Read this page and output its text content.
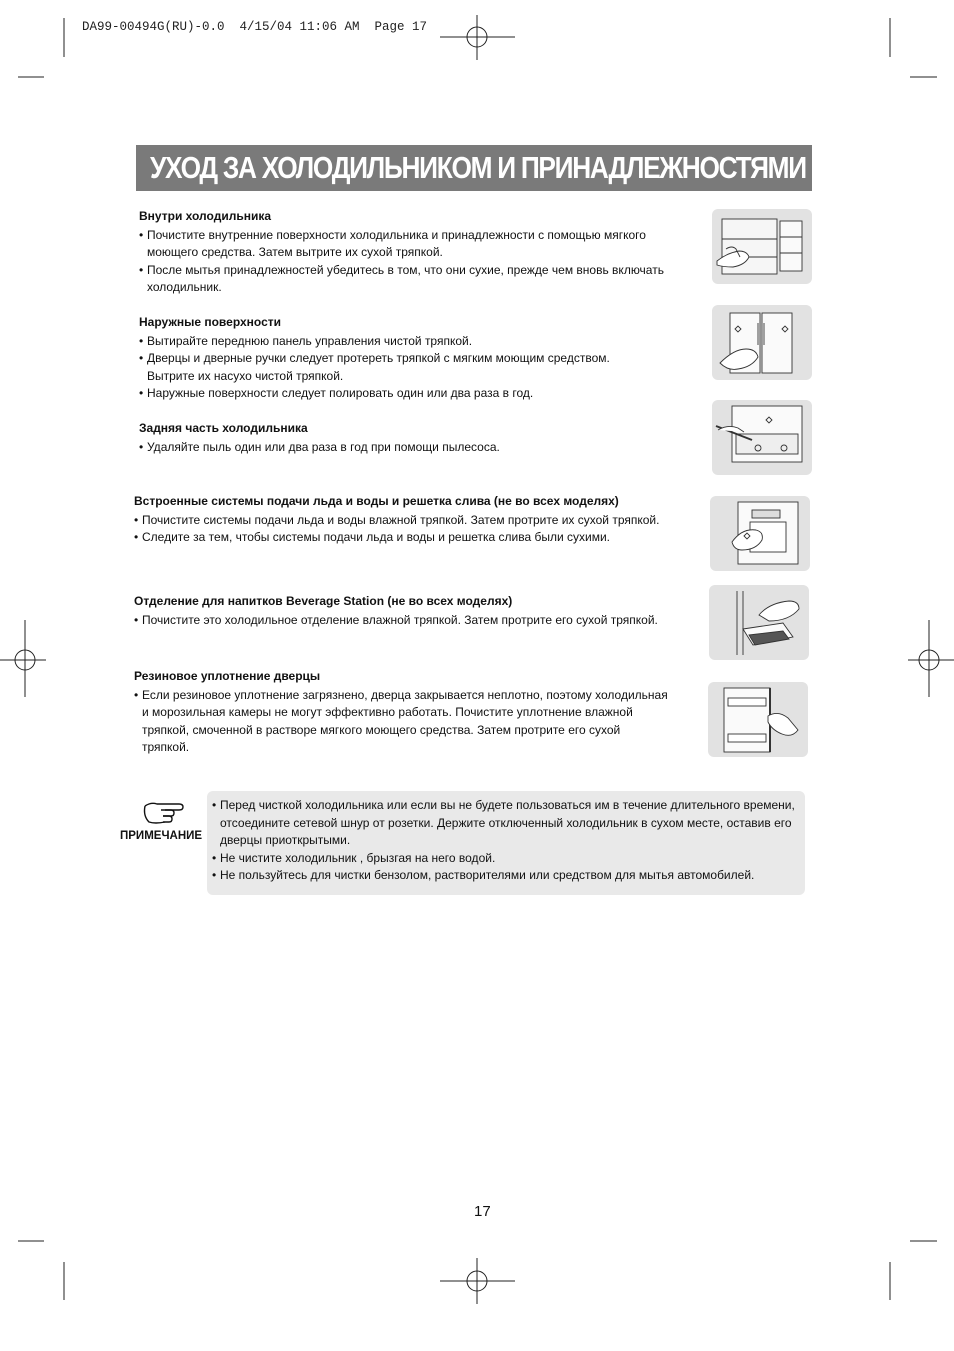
DA99-00494G(RU)-0.0  4/15/04 11:06 AM  Page 17
УХОД ЗА ХОЛОДИЛЬНИКОМ И ПРИНАДЛЕЖНОСТЯМИ
Внутри холодильника
• Почистите внутренние поверхности холодильника и принадлежности с помощью мягкого моющего средства. Затем вытрите их сухой тряпкой.
• После мытья принадлежностей убедитесь в том, что они сухие, прежде чем вновь включать холодильник.
Наружные поверхности
• Вытирайте переднюю панель управления чистой тряпкой.
• Дверцы и дверные ручки следует протереть тряпкой с мягким моющим средством. Вытрите их насухо чистой тряпкой.
• Наружные поверхности следует полировать один или два раза в год.
Задняя часть холодильника
• Удаляйте пыль один или два раза в год при помощи пылесоса.
Встроенные системы подачи льда и воды и решетка слива (не во всех моделях)
• Почистите системы подачи льда и воды влажной тряпкой. Затем протрите их сухой тряпкой.
• Следите за тем, чтобы системы подачи льда и воды и решетка слива были сухими.
Отделение для напитков Beverage Station (не во всех моделях)
• Почистите это холодильное отделение влажной тряпкой. Затем протрите его сухой тряпкой.
Резиновое уплотнение дверцы
• Если резиновое уплотнение загрязнено, дверца закрывается неплотно, поэтому холодильная и морозильная камеры не могут эффективно работать. Почистите уплотнение влажной тряпкой, смоченной в растворе мягкого моющего средства. Затем протрите его сухой тряпкой.
ПРИМЕЧАНИЕ
• Перед чисткой холодильника или если вы не будете пользоваться им в течение длительного времени, отсоедините сетевой шнур от розетки. Держите отключенный холодильник в сухом месте, оставив его дверцы приоткрытыми.
• Не чистите холодильник , брызгая на него водой.
• Не пользуйтесь для чистки бензолом, растворителями или средством для мытья автомобилей.
17
